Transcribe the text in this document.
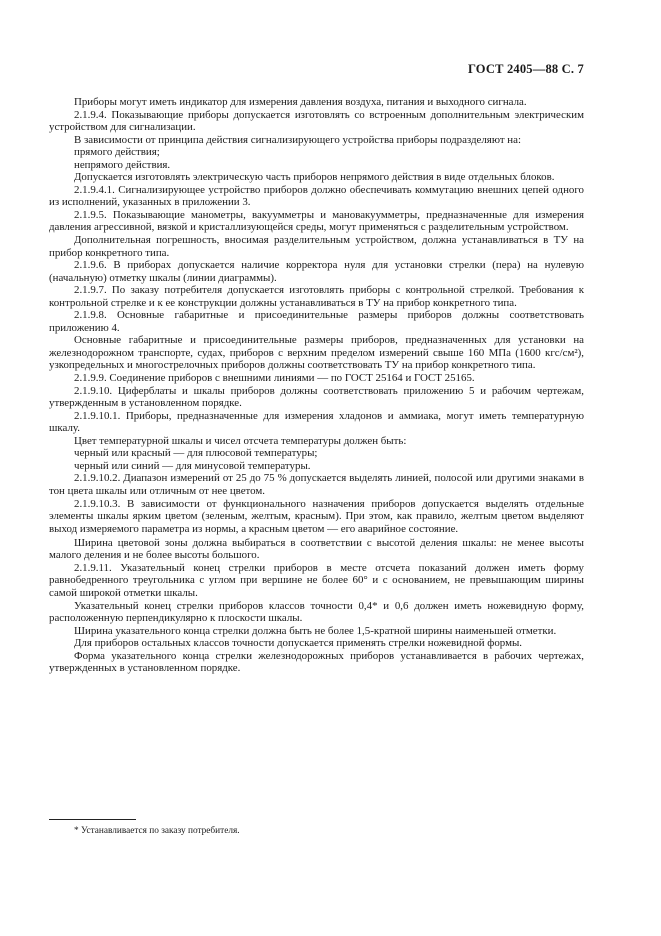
ГОСТ 2405—88 С. 7

Приборы могут иметь индикатор для измерения давления воздуха, питания и выходного сигнала.

2.1.9.4. Показывающие приборы допускается изготовлять со встроенным дополнительным электрическим устройством для сигнализации.

В зависимости от принципа действия сигнализирующего устройства приборы подразделяют на:

прямого действия;

непрямого действия.

Допускается изготовлять электрическую часть приборов непрямого действия в виде отдельных блоков.

2.1.9.4.1. Сигнализирующее устройство приборов должно обеспечивать коммутацию внешних цепей одного из исполнений, указанных в приложении 3.

2.1.9.5. Показывающие манометры, вакуумметры и мановакуумметры, предназначенные для измерения давления агрессивной, вязкой и кристаллизующейся среды, могут применяться с разделительным устройством.

Дополнительная погрешность, вносимая разделительным устройством, должна устанавливаться в ТУ на прибор конкретного типа.

2.1.9.6. В приборах допускается наличие корректора нуля для установки стрелки (пера) на нулевую (начальную) отметку шкалы (линии диаграммы).

2.1.9.7. По заказу потребителя допускается изготовлять приборы с контрольной стрелкой. Требования к контрольной стрелке и к ее конструкции должны устанавливаться в ТУ на прибор конкретного типа.

2.1.9.8. Основные габаритные и присоединительные размеры приборов должны соответствовать приложению 4.

Основные габаритные и присоединительные размеры приборов, предназначенных для установки на железнодорожном транспорте, судах, приборов с верхним пределом измерений свыше 160 МПа (1600 кгс/см²), узкопредельных и многострелочных приборов должны соответствовать ТУ на прибор конкретного типа.

2.1.9.9. Соединение приборов с внешними линиями — по ГОСТ 25164 и ГОСТ 25165.

2.1.9.10. Циферблаты и шкалы приборов должны соответствовать приложению 5 и рабочим чертежам, утвержденным в установленном порядке.

2.1.9.10.1. Приборы, предназначенные для измерения хладонов и аммиака, могут иметь температурную шкалу.

Цвет температурной шкалы и чисел отсчета температуры должен быть:

черный или красный — для плюсовой температуры;

черный или синий — для минусовой температуры.

2.1.9.10.2. Диапазон измерений от 25 до 75 % допускается выделять линией, полосой или другими знаками в тон цвета шкалы или отличным от нее цветом.

2.1.9.10.3. В зависимости от функционального назначения приборов допускается выделять отдельные элементы шкалы ярким цветом (зеленым, желтым, красным). При этом, как правило, желтым цветом выделяют выход измеряемого параметра из нормы, а красным цветом — его аварийное состояние.

Ширина цветовой зоны должна выбираться в соответствии с высотой деления шкалы: не менее высоты малого деления и не более высоты большого.

2.1.9.11. Указательный конец стрелки приборов в месте отсчета показаний должен иметь форму равнобедренного треугольника с углом при вершине не более 60° и с основанием, не превышающим ширины самой широкой отметки шкалы.

Указательный конец стрелки приборов классов точности 0,4* и 0,6 должен иметь ножевидную форму, расположенную перпендикулярно к плоскости шкалы.

Ширина указательного конца стрелки должна быть не более 1,5-кратной ширины наименьшей отметки.

Для приборов остальных классов точности допускается применять стрелки ножевидной формы.

Форма указательного конца стрелки железнодорожных приборов устанавливается в рабочих чертежах, утвержденных в установленном порядке.

* Устанавливается по заказу потребителя.
